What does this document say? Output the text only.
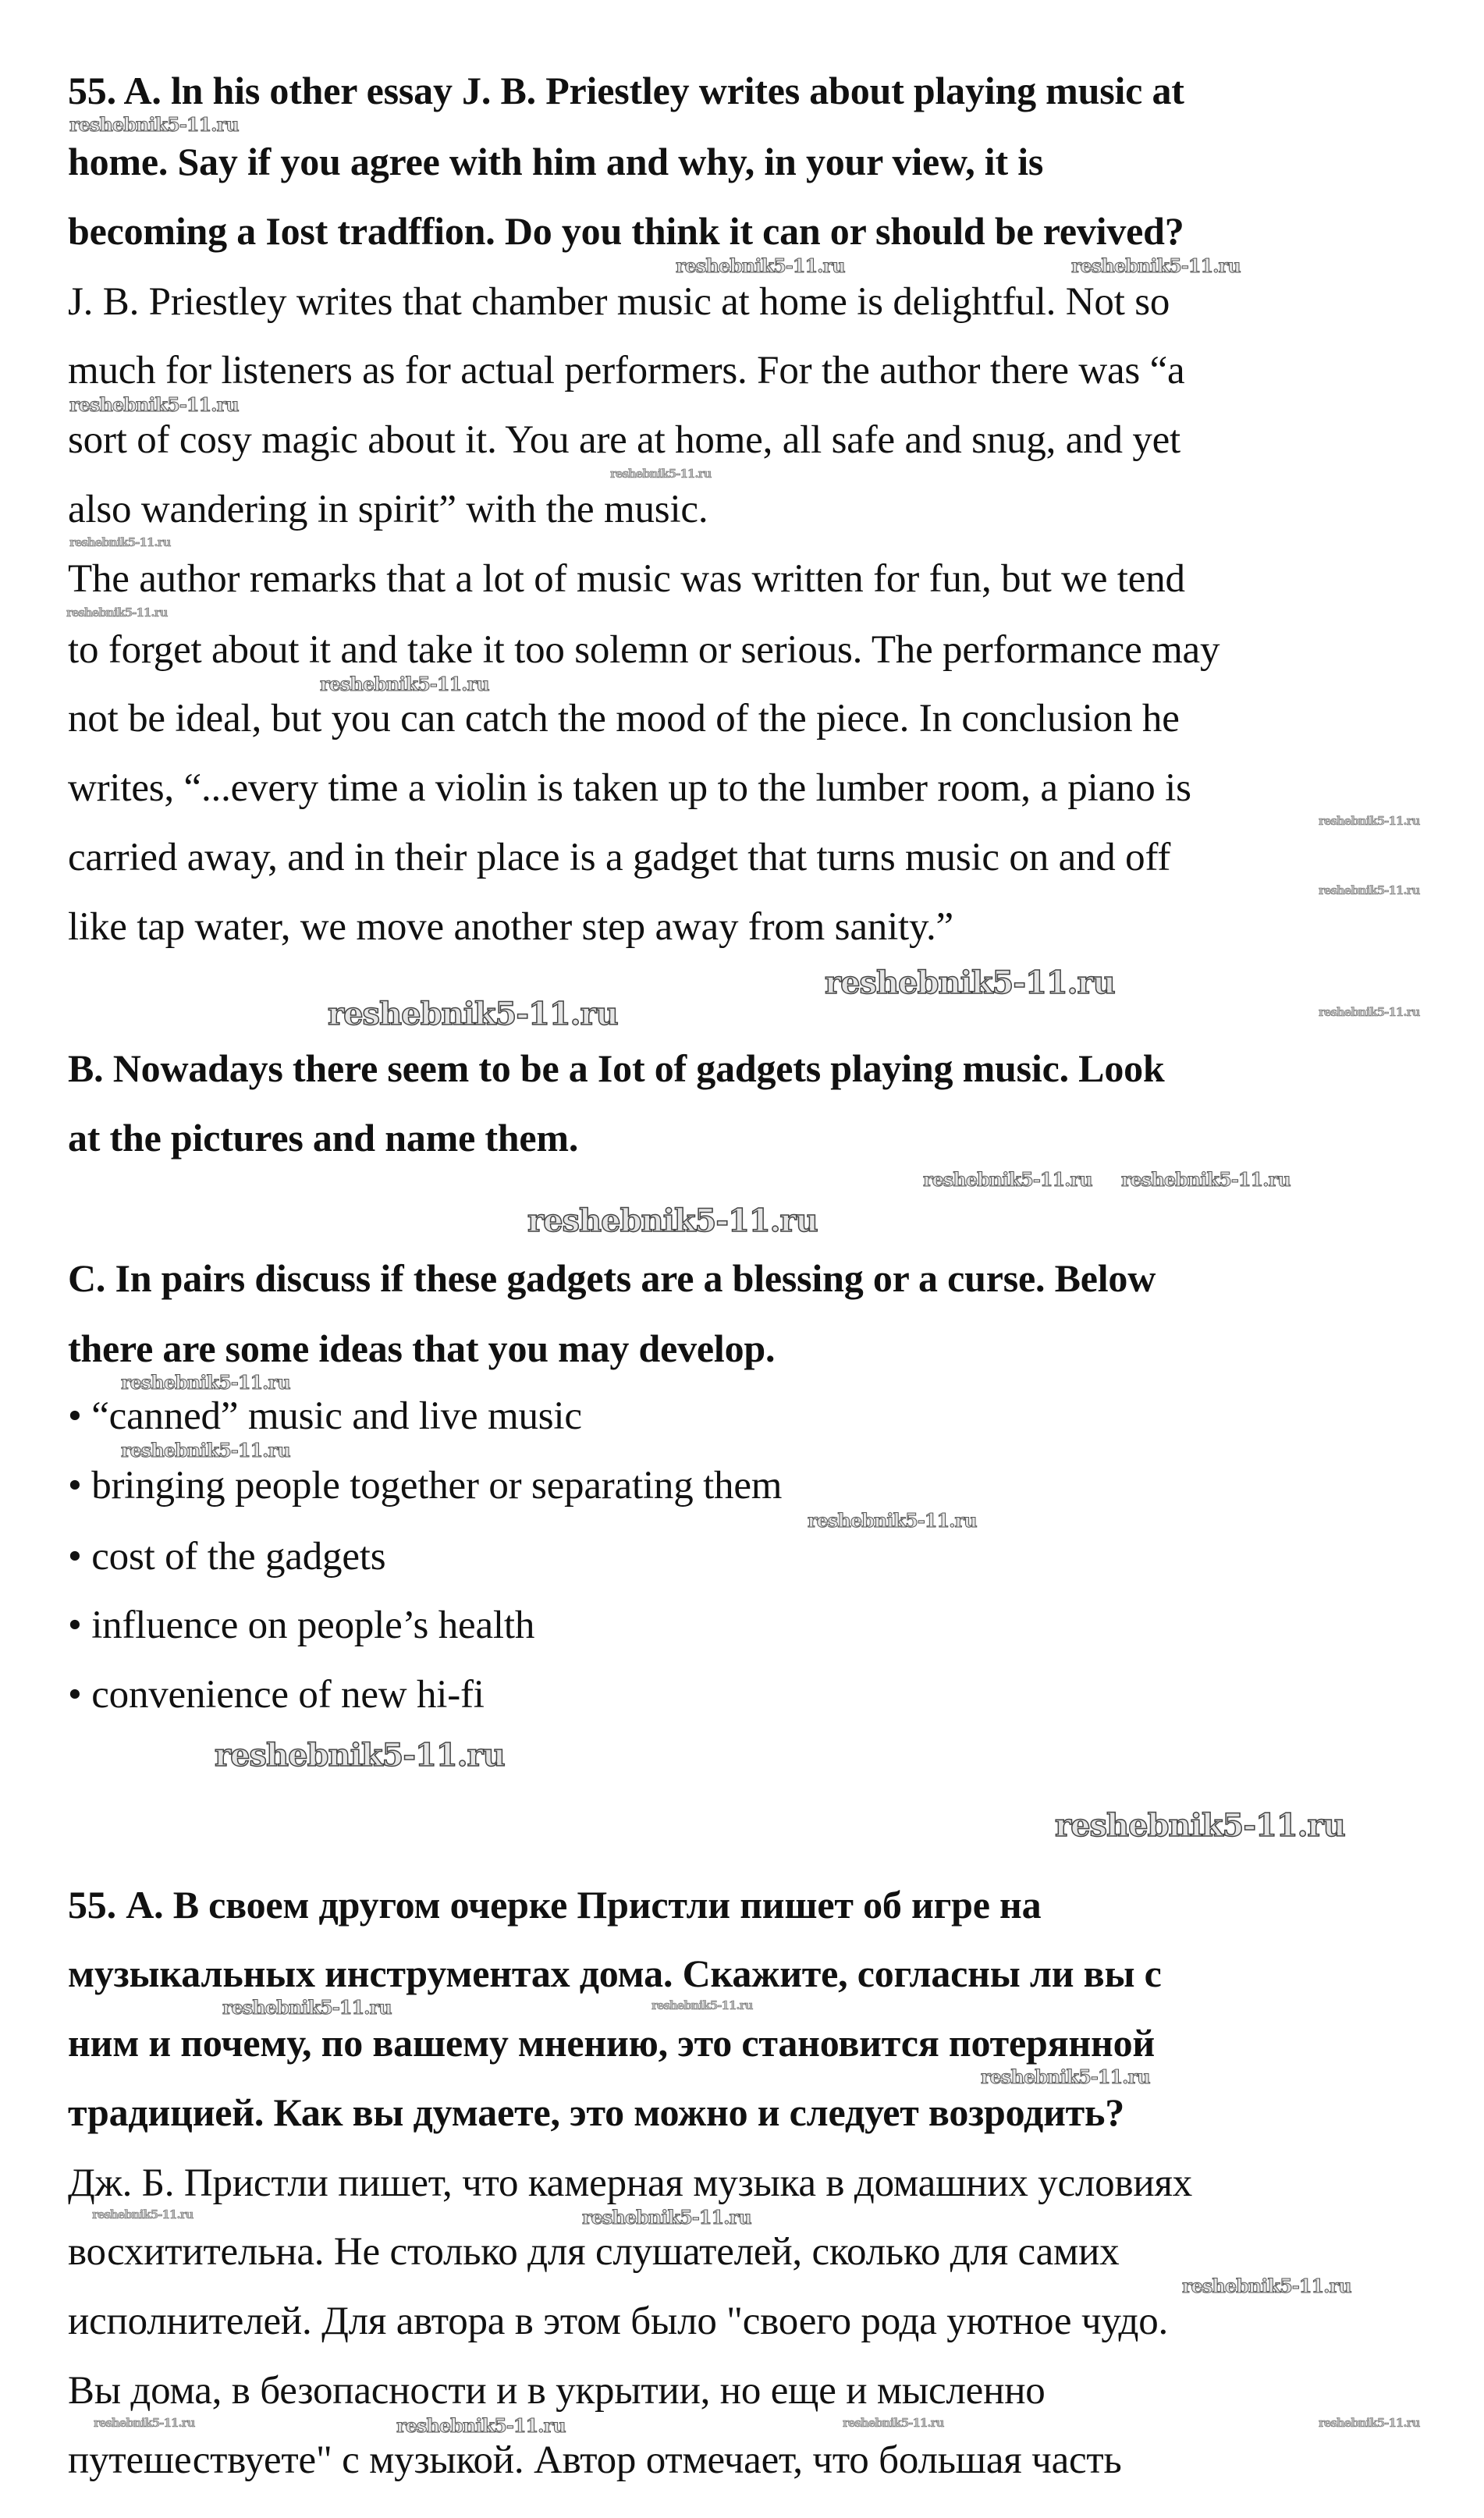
55. A. ln his other essay J. B. Priestley writes about playing music at
home. Say if you agree with him and why, in your view, it is
becoming a Iost tradffion. Do you think it can or should be revived?
J. B. Priestley writes that chamber music at home is delightful. Not so
much for listeners as for actual performers. For the author there was “a
sort of cosy magic about it. You are at home, all safe and snug, and yet
also wandering in spirit” with the music.
The author remarks that a lot of music was written for fun, but we tend
to forget about it and take it too solemn or serious. The performance may
not be ideal, but you can catch the mood of the piece. In conclusion he
writes, “...every time a violin is taken up to the lumber room, a piano is
carried away, and in their place is a gadget that turns music on and off
like tap water, we move another step away from sanity.”
B. Nowadays there seem to be a Iot of gadgets playing music. Look
at the pictures and name them.
C. In pairs discuss if these gadgets are a blessing or a curse. Below
there are some ideas that you may develop.
• “canned” music and live music
• bringing people together or separating them
• cost of the gadgets
• influence on people’s health
• convenience of new hi-fi
55. А. В своем другом очерке Пристли пишет об игре на
музыкальных инструментах дома. Скажите, согласны ли вы с
ним и почему, по вашему мнению, это становится потерянной
традицией. Как вы думаете, это можно и следует возродить?
Дж. Б. Пристли пишет, что камерная музыка в домашних условиях
восхитительна. Не столько для слушателей, сколько для самих
исполнителей. Для автора в этом было "своего рода уютное чудо.
Вы дома, в безопасности и в укрытии, но еще и мысленно
путешествуете" с музыкой. Автор отмечает, что большая часть
reshebnik5-11.ru
reshebnik5-11.ru	reshebnik5-11.ru
reshebnik5-11.ru
reshebnik5-11.ru
reshebnik5-11.ru
reshebnik5-11.ru
reshebnik5-11.ru
reshebnik5-11.ru
reshebnik5-11.ru
reshebnik5-11.ru
reshebnik5-11.ru	reshebnik5-11.ru
reshebnik5-11.ru reshebnik5-11.ru
reshebnik5-11.ru
reshebnik5-11.ru
reshebnik5-11.ru
reshebnik5-11.ru
reshebnik5-11.ru
reshebnik5-11.ru
reshebnik5-11.ru	reshebnik5-11.ru
reshebnik5-11.ru
reshebnik5-11.ru	reshebnik5-11.ru
reshebnik5-11.ru
reshebnik5-11.ru	reshebnik5-11.ru	reshebnik5-11.ru	reshebnik5-11.ru
